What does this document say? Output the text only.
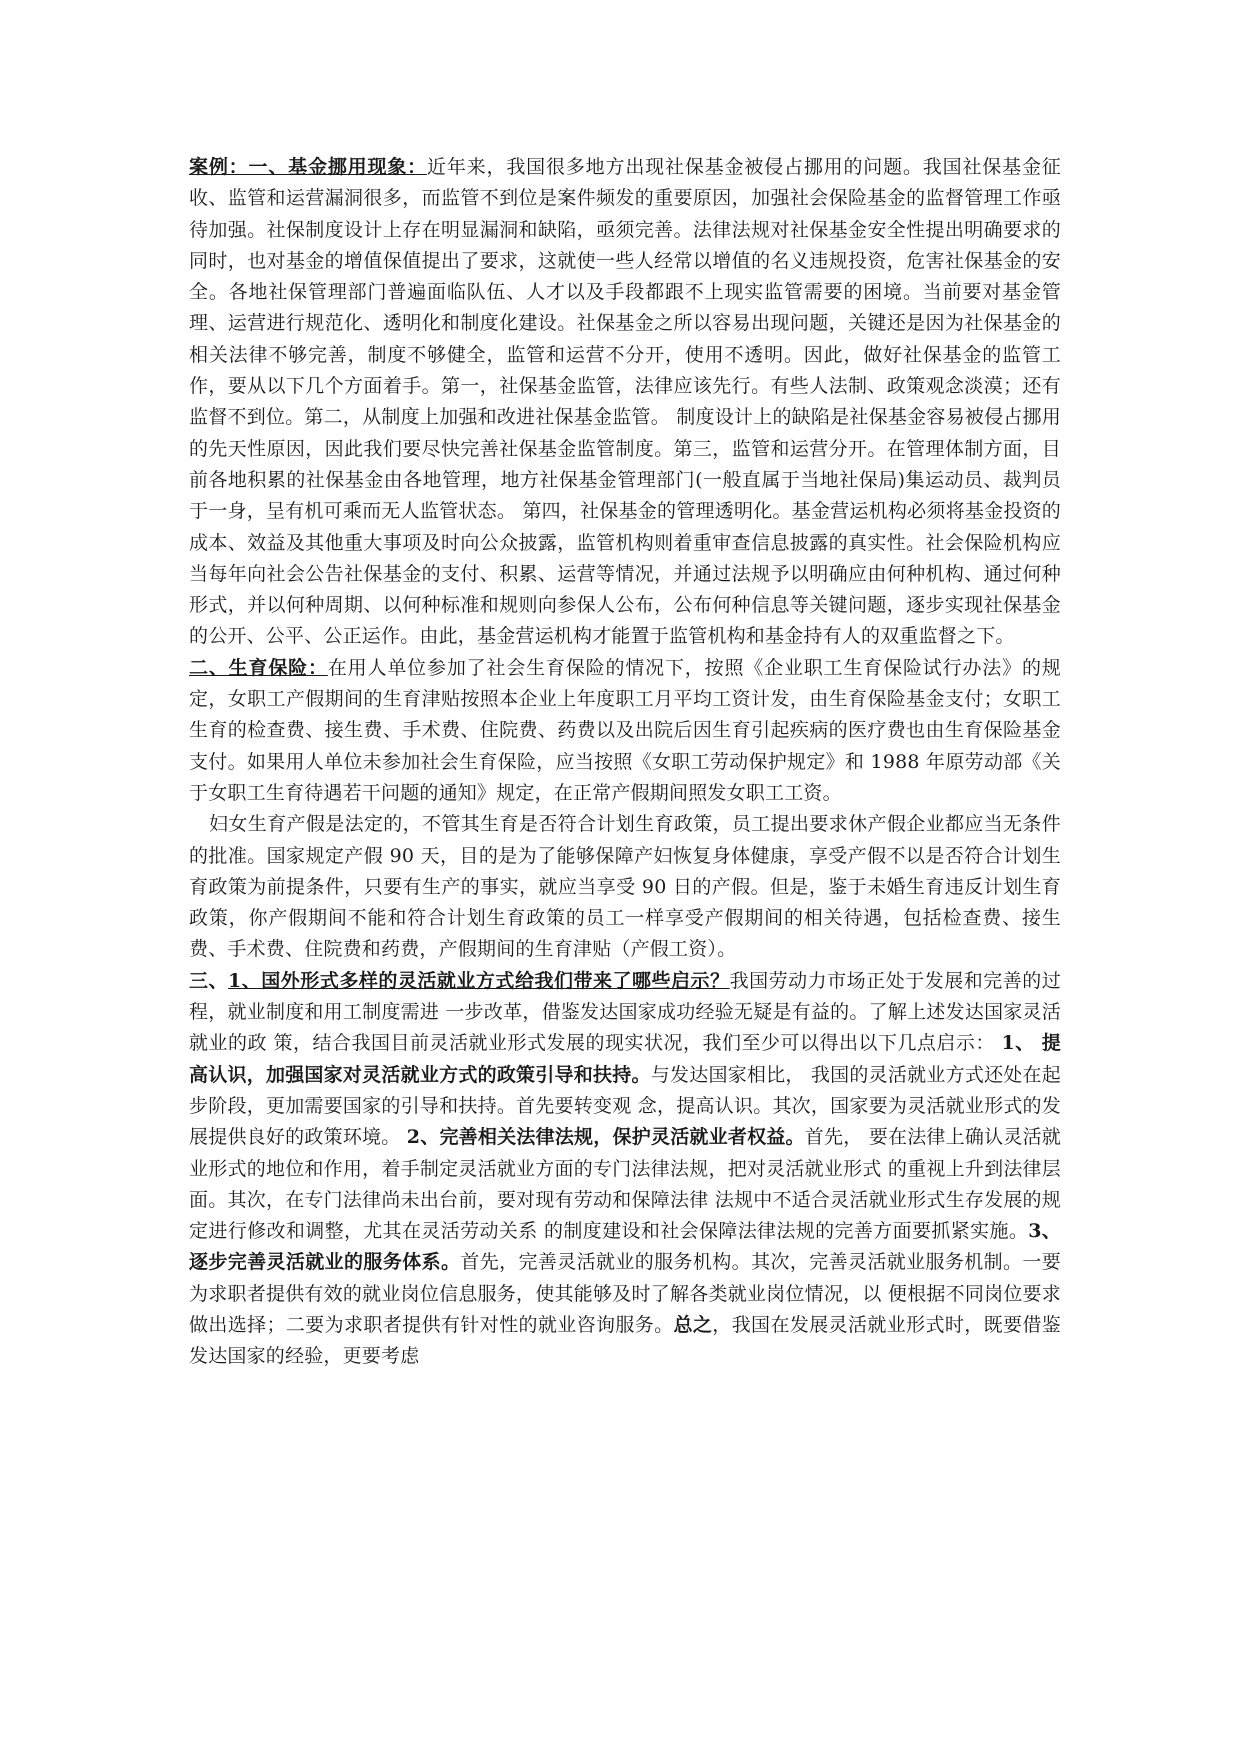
案例：一、基金挪用现象：近年来，我国很多地方出现社保基金被侵占挪用的问题。我国社保基金征收、监管和运营漏洞很多，而监管不到位是案件频发的重要原因，加强社会保险基金的监督管理工作亟待加强。社保制度设计上存在明显漏洞和缺陷，亟须完善。法律法规对社保基金安全性提出明确要求的同时，也对基金的增值保值提出了要求，这就使一些人经常以增值的名义违规投资，危害社保基金的安全。各地社保管理部门普遍面临队伍、人才以及手段都跟不上现实监管需要的困境。当前要对基金管理、运营进行规范化、透明化和制度化建设。社保基金之所以容易出现问题，关键还是因为社保基金的相关法律不够完善，制度不够健全，监管和运营不分开，使用不透明。因此，做好社保基金的监管工作，要从以下几个方面着手。第一，社保基金监管，法律应该先行。有些人法制、政策观念淡漠；还有监督不到位。第二，从制度上加强和改进社保基金监管。 制度设计上的缺陷是社保基金容易被侵占挪用的先天性原因，因此我们要尽快完善社保基金监管制度。第三，监管和运营分开。在管理体制方面，目前各地积累的社保基金由各地管理，地方社保基金管理部门(一般直属于当地社保局)集运动员、裁判员于一身，呈有机可乘而无人监管状态。 第四，社保基金的管理透明化。基金营运机构必须将基金投资的成本、效益及其他重大事项及时向公众披露，监管机构则着重审查信息披露的真实性。社会保险机构应当每年向社会公告社保基金的支付、积累、运营等情况，并通过法规予以明确应由何种机构、通过何种形式，并以何种周期、以何种标准和规则向参保人公布，公布何种信息等关键问题，逐步实现社保基金的公开、公平、公正运作。由此，基金营运机构才能置于监管机构和基金持有人的双重监督之下。

二、生育保险：在用人单位参加了社会生育保险的情况下，按照《企业职工生育保险试行办法》的规定，女职工产假期间的生育津贴按照本企业上年度职工月平均工资计发，由生育保险基金支付；女职工生育的检查费、接生费、手术费、住院费、药费以及出院后因生育引起疾病的医疗费也由生育保险基金支付。如果用人单位未参加社会生育保险，应当按照《女职工劳动保护规定》和 1988 年原劳动部《关于女职工生育待遇若干问题的通知》规定，在正常产假期间照发女职工工资。

妇女生育产假是法定的，不管其生育是否符合计划生育政策，员工提出要求休产假企业都应当无条件的批准。国家规定产假 90 天，目的是为了能够保障产妇恢复身体健康，享受产假不以是否符合计划生育政策为前提条件，只要有生产的事实，就应当享受 90 日的产假。但是，鉴于未婚生育违反计划生育政策，你产假期间不能和符合计划生育政策的员工一样享受产假期间的相关待遇，包括检查费、接生费、手术费、住院费和药费，产假期间的生育津贴（产假工资）。

三、1、国外形式多样的灵活就业方式给我们带来了哪些启示？我国劳动力市场正处于发展和完善的过程，就业制度和用工制度需进 一步改革，借鉴发达国家成功经验无疑是有益的。了解上述发达国家灵活就业的政 策，结合我国目前灵活就业形式发展的现实状况，我们至少可以得出以下几点启示： 1、 提高认识，加强国家对灵活就业方式的政策引导和扶持。与发达国家相比， 我国的灵活就业方式还处在起步阶段，更加需要国家的引导和扶持。首先要转变观 念，提高认识。其次，国家要为灵活就业形式的发展提供良好的政策环境。 2、完善相关法律法规，保护灵活就业者权益。首先， 要在法律上确认灵活就 业形式的地位和作用，着手制定灵活就业方面的专门法律法规，把对灵活就业形式 的重视上升到法律层面。其次，在专门法律尚未出台前，要对现有劳动和保障法律 法规中不适合灵活就业形式生存发展的规定进行修改和调整，尤其在灵活劳动关系 的制度建设和社会保障法律法规的完善方面要抓紧实施。3、逐步完善灵活就业的服务体系。首先，完善灵活就业的服务机构。其次，完善灵活就业服务机制。一要 为求职者提供有效的就业岗位信息服务，使其能够及时了解各类就业岗位情况，以 便根据不同岗位要求做出选择；二要为求职者提供有针对性的就业咨询服务。总之，我国在发展灵活就业形式时，既要借鉴发达国家的经验，更要考虑
